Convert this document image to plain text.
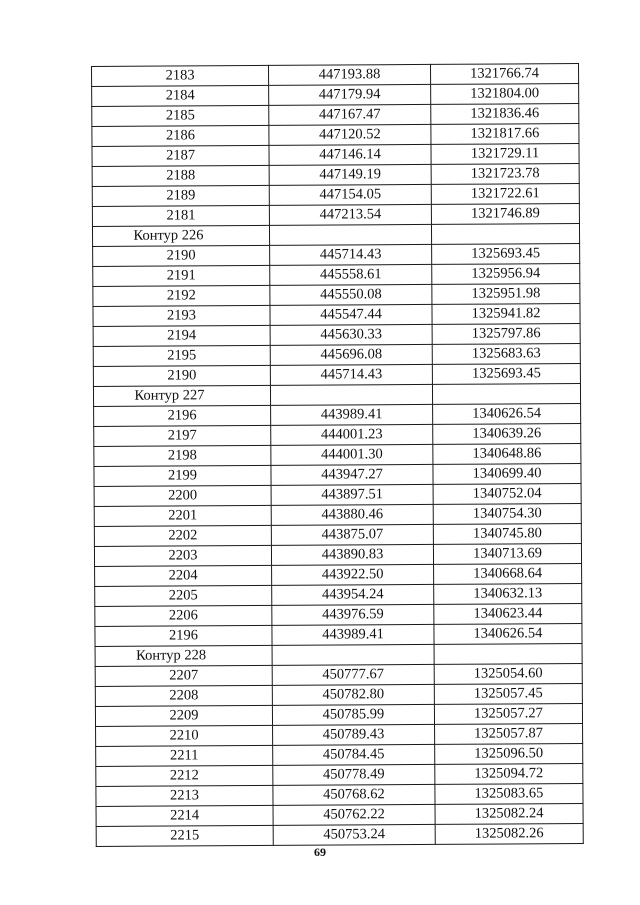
2183	447193.88	1321766.74
2184	447179.94	1321804.00
2185	447167.47	1321836.46
2186	447120.52	1321817.66
2187	447146.14	1321729.11
2188	447149.19	1321723.78
2189	447154.05	1321722.61
2181	447213.54	1321746.89
Контур 226		
2190	445714.43	1325693.45
2191	445558.61	1325956.94
2192	445550.08	1325951.98
2193	445547.44	1325941.82
2194	445630.33	1325797.86
2195	445696.08	1325683.63
2190	445714.43	1325693.45
Контур 227		
2196	443989.41	1340626.54
2197	444001.23	1340639.26
2198	444001.30	1340648.86
2199	443947.27	1340699.40
2200	443897.51	1340752.04
2201	443880.46	1340754.30
2202	443875.07	1340745.80
2203	443890.83	1340713.69
2204	443922.50	1340668.64
2205	443954.24	1340632.13
2206	443976.59	1340623.44
2196	443989.41	1340626.54
Контур 228		
2207	450777.67	1325054.60
2208	450782.80	1325057.45
2209	450785.99	1325057.27
2210	450789.43	1325057.87
2211	450784.45	1325096.50
2212	450778.49	1325094.72
2213	450768.62	1325083.65
2214	450762.22	1325082.24
2215	450753.24	1325082.26
69
